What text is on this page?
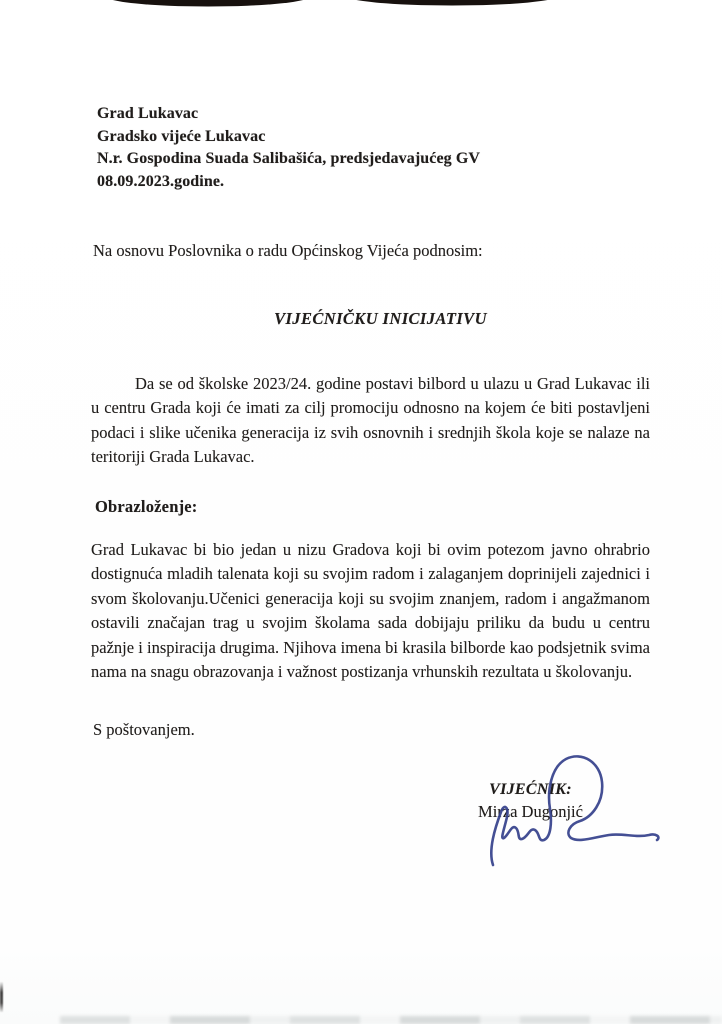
Grad Lukavac
Gradsko vijeće Lukavac
N.r. Gospodina Suada Salibašića, predsjedavajućeg GV
08.09.2023.godine.

Na osnovu Poslovnika o radu Općinskog Vijeća podnosim:

VIJEĆNIČKU INICIJATIVU

Da se od školske 2023/24. godine postavi bilbord u ulazu u Grad Lukavac ili u centru Grada koji će imati za cilj promociju odnosno na kojem će biti postavljeni podaci i slike učenika generacija iz svih osnovnih i srednjih škola koje se nalaze na teritoriji Grada Lukavac.

Obrazloženje:

Grad Lukavac bi bio jedan u nizu Gradova koji bi ovim potezom javno ohrabrio dostignuća mladih talenata koji su svojim radom i zalaganjem doprinijeli zajednici i svom školovanju.Učenici generacija koji su svojim znanjem, radom i angažmanom ostavili značajan trag u svojim školama sada dobijaju priliku da budu u centru pažnje i inspiracija drugima. Njihova imena bi krasila bilborde kao podsjetnik svima nama na snagu obrazovanja i važnost postizanja vrhunskih rezultata u školovanju.

S poštovanjem.

VIJEĆNIK:
Mirza Dugonjić
